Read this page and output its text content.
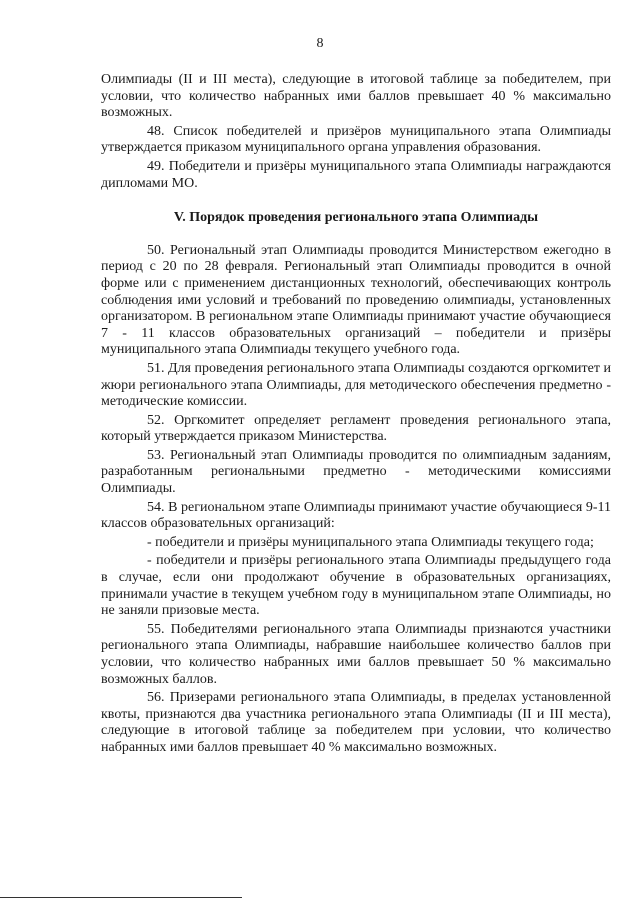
8

Олимпиады (II и III места), следующие в итоговой таблице за победителем, при условии, что количество набранных ими баллов превышает 40 % максимально возможных.

48. Список победителей и призёров муниципального этапа Олимпиады утверждается приказом муниципального органа управления образования.

49. Победители и призёры муниципального этапа Олимпиады награждаются дипломами МО.

V. Порядок проведения регионального этапа Олимпиады

50. Региональный этап Олимпиады проводится Министерством ежегодно в период с 20 по 28 февраля. Региональный этап Олимпиады проводится в очной форме или с применением дистанционных технологий, обеспечивающих контроль соблюдения ими условий и требований по проведению олимпиады, установленных организатором. В региональном этапе Олимпиады принимают участие обучающиеся 7 - 11 классов образовательных организаций – победители и призёры муниципального этапа Олимпиады текущего учебного года.

51. Для проведения регионального этапа Олимпиады создаются оргкомитет и жюри регионального этапа Олимпиады, для методического обеспечения предметно - методические комиссии.

52. Оргкомитет определяет регламент проведения регионального этапа, который утверждается приказом Министерства.

53. Региональный этап Олимпиады проводится по олимпиадным заданиям, разработанным региональными предметно - методическими комиссиями Олимпиады.

54. В региональном этапе Олимпиады принимают участие обучающиеся 9-11 классов образовательных организаций:

- победители и призёры муниципального этапа Олимпиады текущего года;

- победители и призёры регионального этапа Олимпиады предыдущего года в случае, если они продолжают обучение в образовательных организациях, принимали участие в текущем учебном году в муниципальном этапе Олимпиады, но не заняли призовые места.

55. Победителями регионального этапа Олимпиады признаются участники регионального этапа Олимпиады, набравшие наибольшее количество баллов при условии, что количество набранных ими баллов превышает 50 % максимально возможных баллов.

56. Призерами регионального этапа Олимпиады, в пределах установленной квоты, признаются два участника регионального этапа Олимпиады (II и III места), следующие в итоговой таблице за победителем при условии, что количество набранных ими баллов превышает 40 % максимально возможных.
